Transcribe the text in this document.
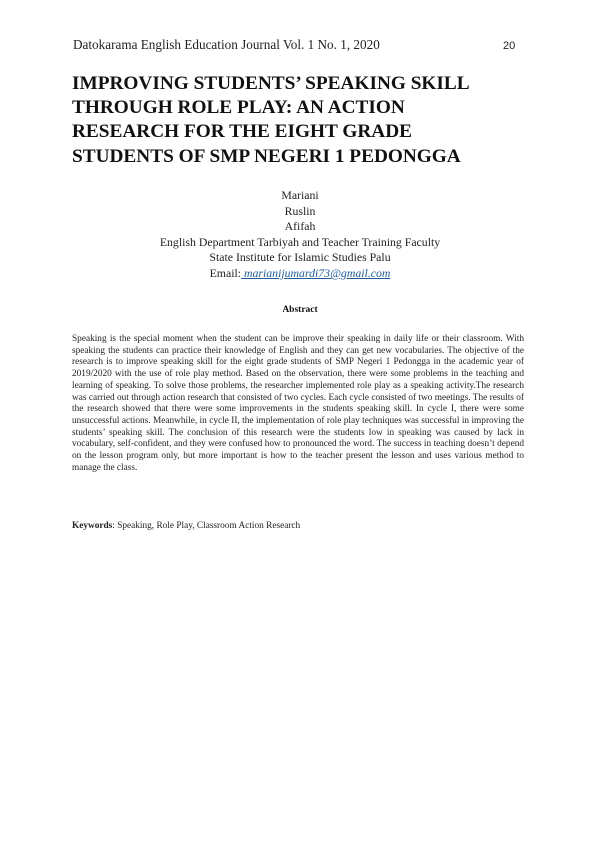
Datokarama English Education Journal Vol. 1 No. 1, 2020	20
IMPROVING STUDENTS’ SPEAKING SKILL
THROUGH ROLE PLAY: AN ACTION
RESEARCH FOR THE EIGHT GRADE
STUDENTS OF SMP NEGERI 1 PEDONGGA
Mariani
Ruslin
Afifah
English Department Tarbiyah and Teacher Training Faculty
State Institute for Islamic Studies Palu
Email: marianijumardi73@gmail.com
Abstract

Speaking is the special moment when the student can be improve their speaking in daily life or their classroom. With speaking the students can practice their knowledge of English and they can get new vocabularies. The objective of the research is to improve speaking skill for the eight grade students of SMP Negeri 1 Pedongga in the academic year of 2019/2020 with the use of role play method. Based on the observation, there were some problems in the teaching and learning of speaking. To solve those problems, the researcher implemented role play as a speaking activity.The research was carried out through action research that consisted of two cycles. Each cycle consisted of two meetings. The results of the research showed that there were some improvements in the students speaking skill. In cycle I, there were some unsuccessful actions. Meanwhile, in cycle II, the implementation of role play techniques was successful in improving the students’ speaking skill. The conclusion of this research were the students low in speaking was caused by lack in vocabulary, self-confident, and they were confused how to pronounced the word. The success in teaching doesn’t depend on the lesson program only, but more important is how to the teacher present the lesson and uses various method to manage the class.

Keywords: Speaking, Role Play, Classroom Action Research
